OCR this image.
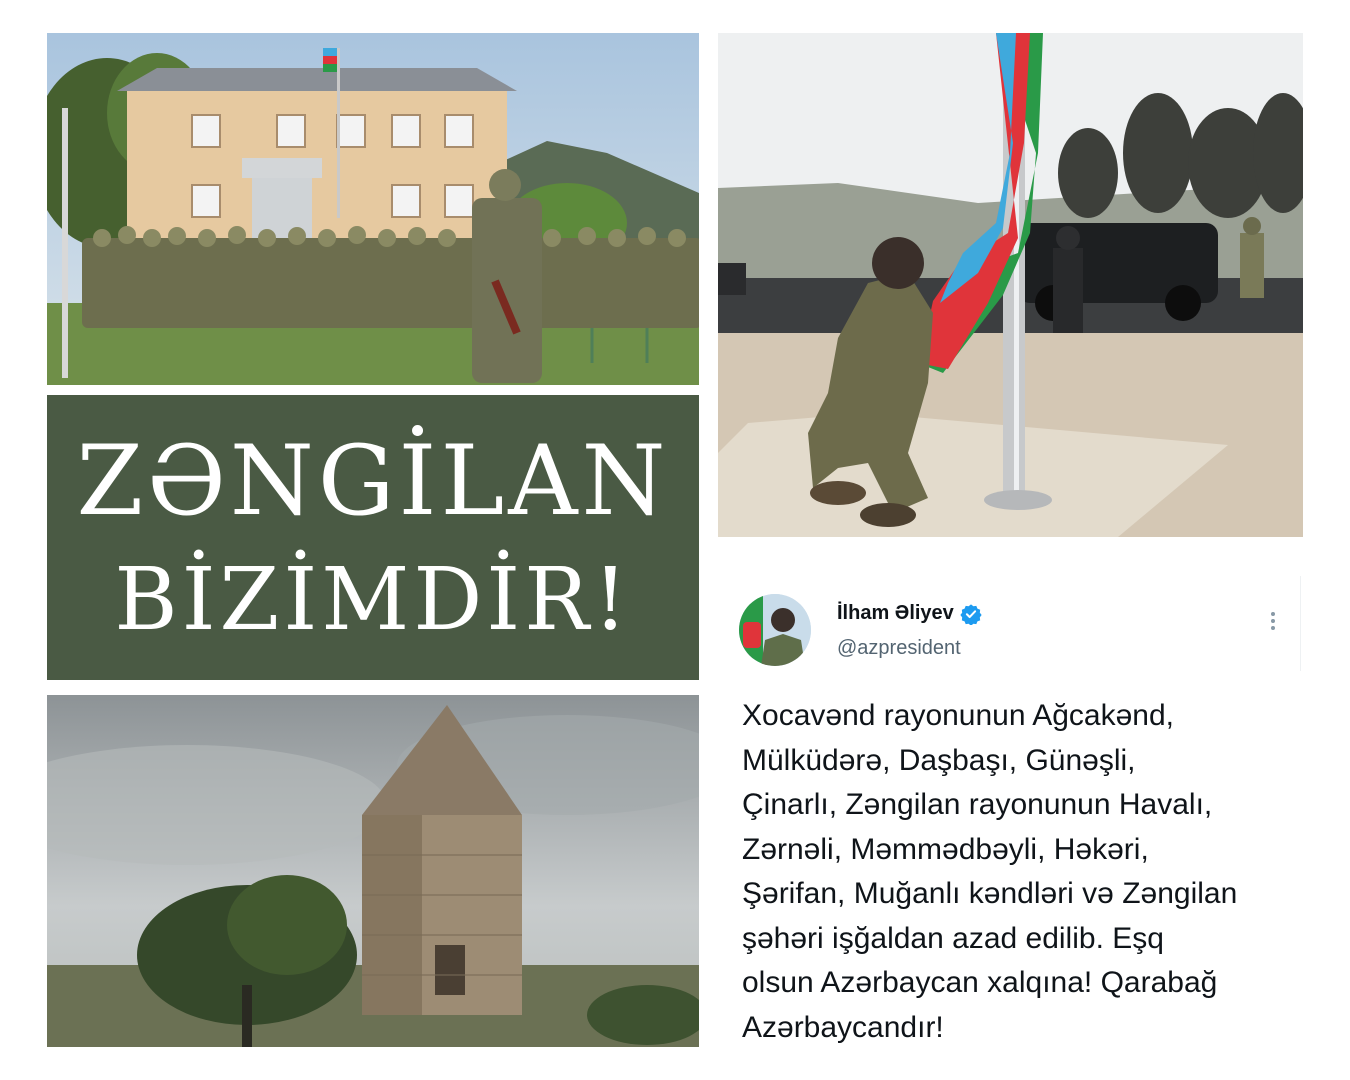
ZƏNGİLAN
BİZİMDİR!	İlham Əliyev
@azpresident
Xocavənd rayonunun Ağcakənd,
Mülküdərə, Daşbaşı, Günəşli,
Çinarlı, Zəngilan rayonunun Havalı,
Zərnəli, Məmmədbəyli, Həkəri,
Şərifan, Muğanlı kəndləri və Zəngilan
şəhəri işğaldan azad edilib. Eşq
olsun Azərbaycan xalqına! Qarabağ
Azərbaycandır!
